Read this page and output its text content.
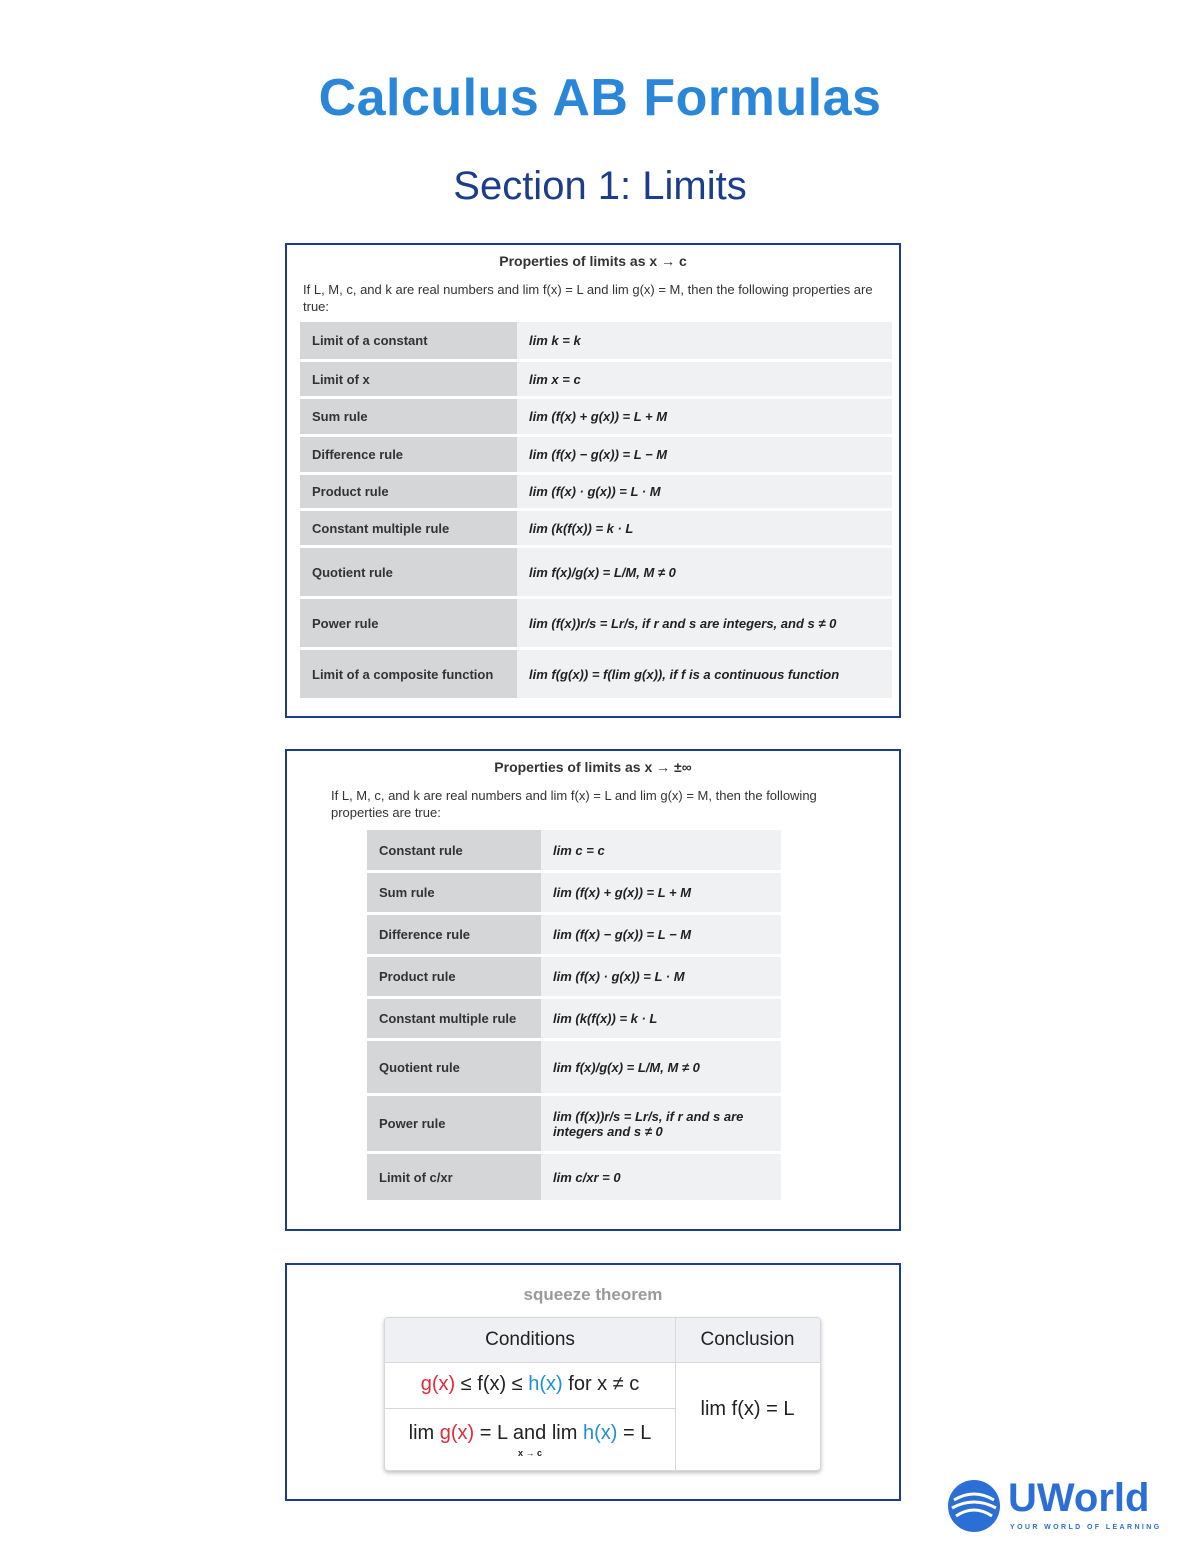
Calculus AB Formulas
Section 1: Limits
Properties of limits as x → c
If L, M, c, and k are real numbers and lim f(x) = L and lim g(x) = M, then the following properties are true:
Limit of a constant	lim k = k
Limit of x	lim x = c
Sum rule	lim (f(x) + g(x)) = L + M
Difference rule	lim (f(x) − g(x)) = L − M
Product rule	lim (f(x) · g(x)) = L · M
Constant multiple rule	lim (k(f(x)) = k · L
Quotient rule	lim f(x)/g(x) = L/M, M ≠ 0
Power rule	lim (f(x))r/s = Lr/s, if r and s are integers, and s ≠ 0
Limit of a composite function	lim f(g(x)) = f(lim g(x)), if f is a continuous function
Properties of limits as x → ±∞
If L, M, c, and k are real numbers and lim f(x) = L and lim g(x) = M, then the following properties are true:
Constant rule	lim c = c
Sum rule	lim (f(x) + g(x)) = L + M
Difference rule	lim (f(x) − g(x)) = L − M
Product rule	lim (f(x) · g(x)) = L · M
Constant multiple rule	lim (k(f(x)) = k · L
Quotient rule	lim f(x)/g(x) = L/M, M ≠ 0
Power rule	lim (f(x))r/s = Lr/s, if r and s are integers and s ≠ 0
Limit of c/xr	lim c/xr = 0
squeeze theorem
Conditions	Conclusion
g(x) ≤ f(x) ≤ h(x) for x ≠ c
lim g(x) = L and lim h(x) = L
x → c
lim f(x) = L
UWorld
YOUR WORLD OF LEARNING
